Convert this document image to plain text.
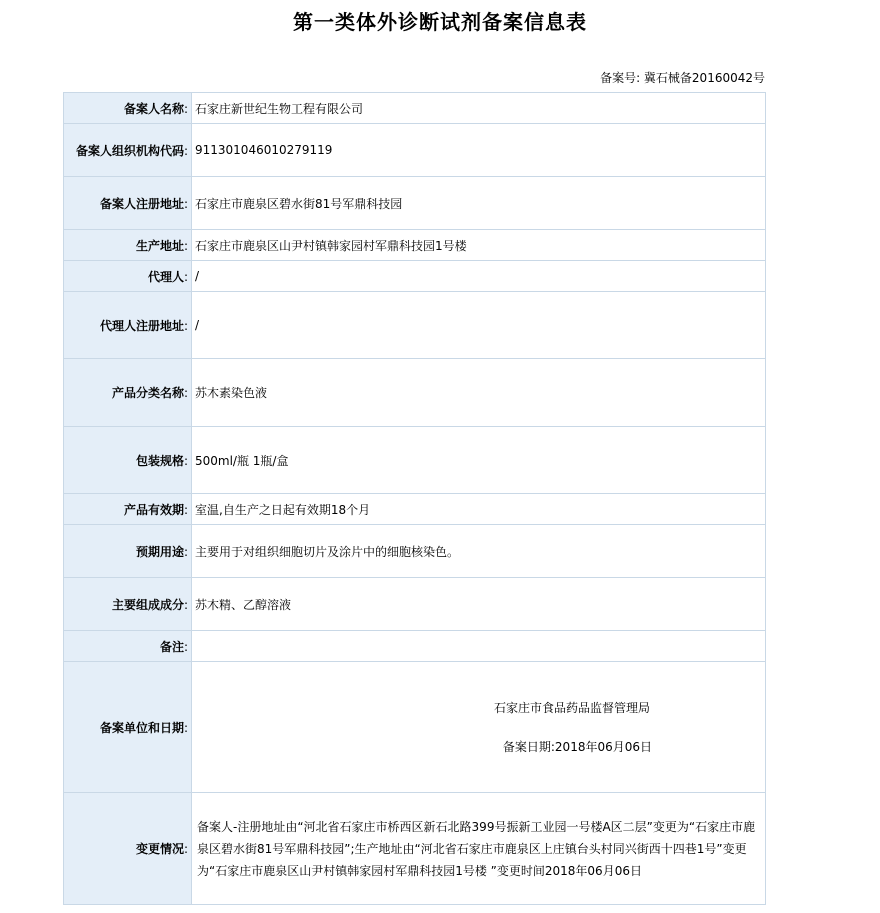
第一类体外诊断试剂备案信息表
备案号: 冀石械备20160042号
备案人名称:	石家庄新世纪生物工程有限公司
备案人组织机构代码:	911301046010279119
备案人注册地址:	石家庄市鹿泉区碧水街81号军鼎科技园
生产地址:	石家庄市鹿泉区山尹村镇韩家园村军鼎科技园1号楼
代理人:	/
代理人注册地址:	/
产品分类名称:	苏木素染色液
包装规格:	500ml/瓶 1瓶/盒
产品有效期:	室温,自生产之日起有效期18个月
预期用途:	主要用于对组织细胞切片及涂片中的细胞核染色。
主要组成成分:	苏木精、乙醇溶液
备注:	
备案单位和日期:	石家庄市食品药品监督管理局
备案日期:2018年06月06日

变更情况:	备案人-注册地址由“河北省石家庄市桥西区新石北路399号振新工业园一号楼A区二层”变更为“石家庄市鹿泉区碧水街81号军鼎科技园”;生产地址由“河北省石家庄市鹿泉区上庄镇台头村同兴街西十四巷1号”变更为“石家庄市鹿泉区山尹村镇韩家园村军鼎科技园1号楼 ”变更时间2018年06月06日
